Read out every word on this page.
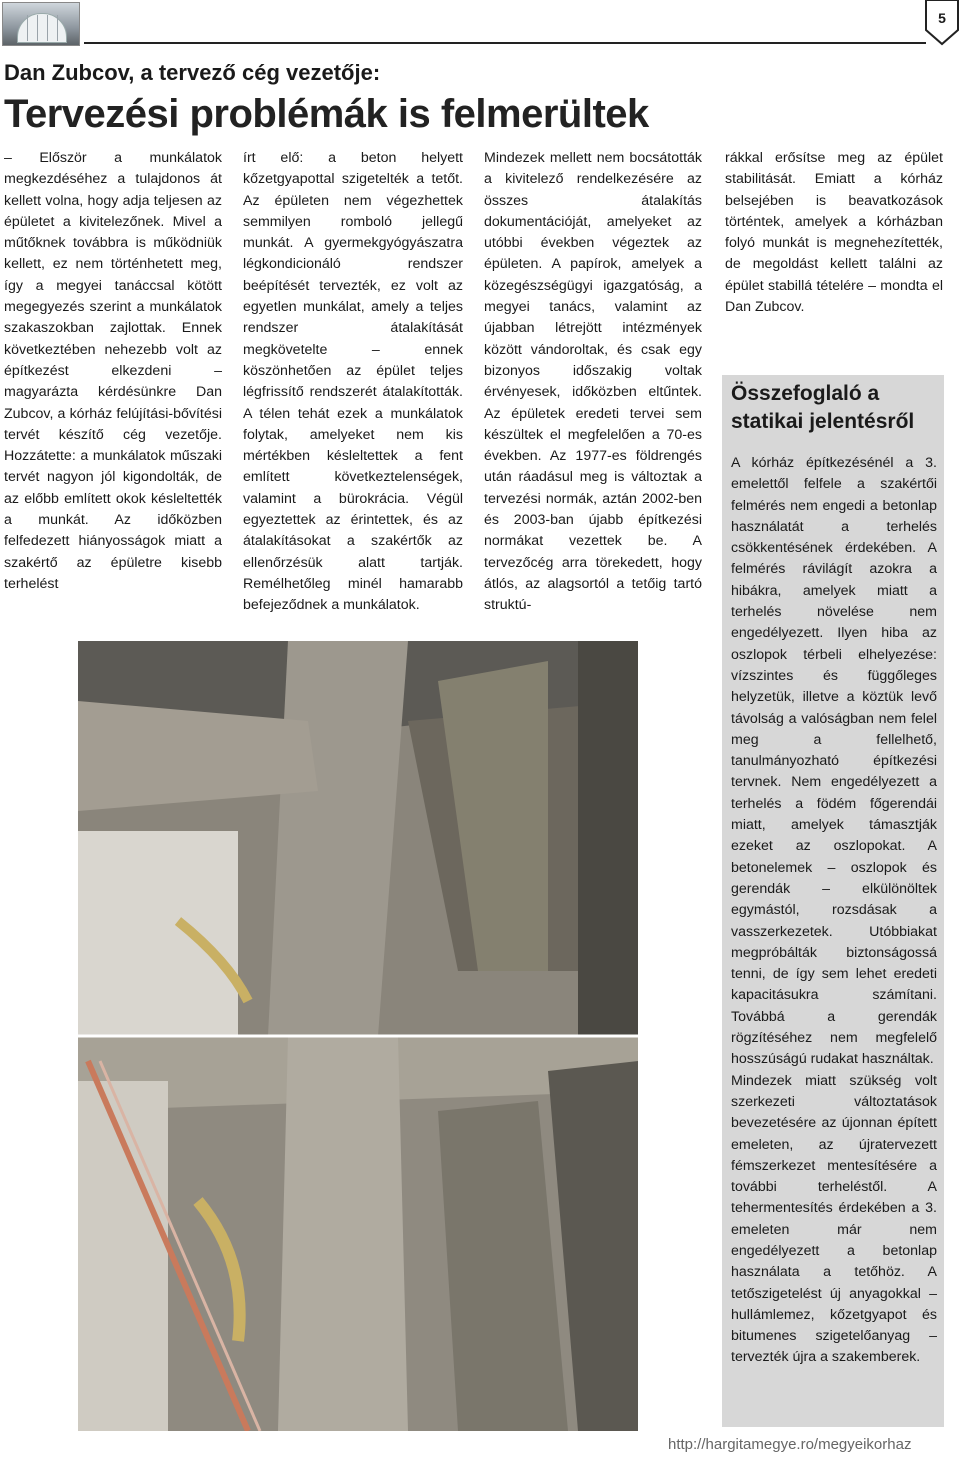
5
Dan Zubcov, a tervező cég vezetője:
Tervezési problémák is felmerültek

– Először a munkálatok megkezdéséhez a tulajdonos át kellett volna, hogy adja teljesen az épületet a kivitelezőnek. Mivel a műtőknek továbbra is működniük kellett, ez nem történhetett meg, így a megyei tanáccsal kötött megegyezés szerint a munkálatok szakaszokban zajlottak. Ennek következtében nehezebb volt az építkezést elkezdeni – magyarázta kérdésünkre Dan Zubcov, a kórház felújítási-bővítési tervét készítő cég vezetője. Hozzátette: a munkálatok műszaki tervét nagyon jól kigondolták, de az előbb említett okok késleltették a munkát. Az időközben felfedezett hiányosságok miatt a szakértő az épületre kisebb terhelést

írt elő: a beton helyett kőzetgyapottal szigetelték a tetőt. Az épületen nem végezhettek semmilyen romboló jellegű munkát. A gyermekgyógyászatra légkondicionáló rendszer beépítését tervezték, ez volt az egyetlen munkálat, amely a teljes rendszer átalakítását megkövetelte – ennek köszönhetően az épület teljes légfrissítő rendszerét átalakították. A télen tehát ezek a munkálatok folytak, amelyeket nem kis mértékben késleltettek a fent említett következtelenségek, valamint a bürokrácia. Végül egyeztettek az érintettek, és az átalakításokat a szakértők az ellenőrzésük alatt tartják. Remélhetőleg minél hamarabb befejeződnek a munkálatok.

Mindezek mellett nem bocsátották a kivitelező rendelkezésére az összes átalakítás dokumentációját, amelyeket az utóbbi években végeztek az épületen. A papírok, amelyek a közegészségügyi igazgatóság, a megyei tanács, valamint az újabban létrejött intézmények között vándoroltak, és csak egy bizonyos időszakig voltak érvényesek, időközben eltűntek. Az épületek eredeti tervei sem készültek el megfelelően a 70-es években. Az 1977-es földrengés után ráadásul meg is változtak a tervezési normák, aztán 2002-ben és 2003-ban újabb építkezési normákat vezettek be. A tervezőcég arra törekedett, hogy átlós, az alagsortól a tetőig tartó struktú-

rákkal erősítse meg az épület stabilitását. Emiatt a kórház belsejében is beavatkozások történtek, amelyek a kórházban folyó munkát is megnehezítették, de megoldást kellett találni az épület stabillá tételére – mondta el Dan Zubcov.

Összefoglaló a statikai jelentésről

A kórház építkezésénél a 3. emelettől felfele a szakértői felmérés nem engedi a betonlap használatát a terhelés csökkentésének érdekében. A felmérés rávilágít azokra a hibákra, amelyek miatt a terhelés növelése nem engedélyezett. Ilyen hiba az oszlopok térbeli elhelyezése: vízszintes és függőleges helyzetük, illetve a köztük levő távolság a valóságban nem felel meg a fellelhető, tanulmányozható építkezési tervnek. Nem engedélyezett a terhelés a födém főgerendái miatt, amelyek támasztják ezeket az oszlopokat. A betonelemek – oszlopok és gerendák – elkülönöltek egymástól, rozsdásak a vasszerkezetek. Utóbbiakat megpróbálták biztonságossá tenni, de így sem lehet eredeti kapacitásukra számítani. Továbbá a gerendák rögzítéséhez nem megfelelő hosszúságú rudakat használtak.

Mindezek miatt szükség volt szerkezeti változtatások bevezetésére az újonnan épített emeleten, az újratervezett fémszerkezet mentesítésére a további terheléstől. A tehermentesítés érdekében a 3. emeleten már nem engedélyezett a betonlap használata a tetőhöz. A tetőszigetelést új anyagokkal – hullámlemez, kőzetgyapot és bitumenes szigetelőanyag – tervezték újra a szakemberek.

http://hargitamegye.ro/megyeikorhaz
